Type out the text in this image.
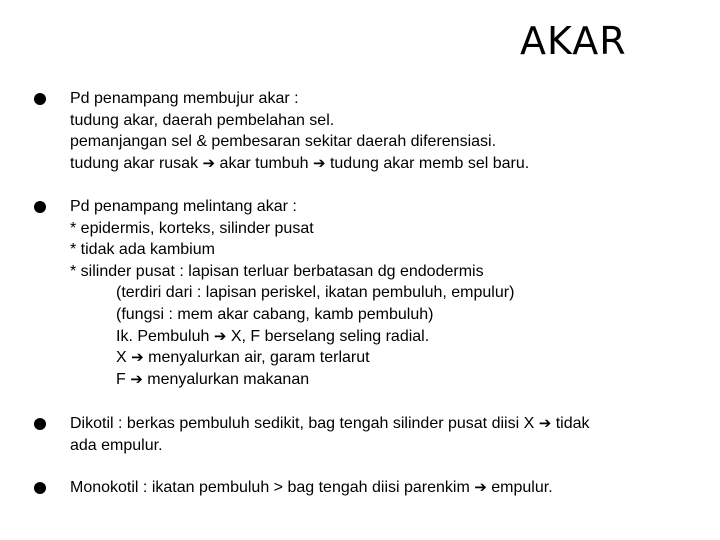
AKAR
Pd penampang membujur akar :
tudung akar, daerah pembelahan sel.
pemanjangan sel & pembesaran sekitar daerah diferensiasi.
tudung akar rusak ➔ akar tumbuh ➔ tudung akar memb sel baru.
Pd penampang melintang akar :
* epidermis, korteks, silinder pusat
* tidak ada kambium
* silinder pusat : lapisan terluar berbatasan dg endodermis
(terdiri dari : lapisan periskel, ikatan pembuluh, empulur)
(fungsi : mem akar cabang, kamb pembuluh)
Ik. Pembuluh ➔ X, F berselang seling radial.
X ➔ menyalurkan air, garam terlarut
F ➔ menyalurkan makanan
Dikotil : berkas pembuluh sedikit, bag tengah silinder pusat diisi X ➔ tidak
ada empulur.
Monokotil : ikatan pembuluh > bag tengah diisi parenkim ➔ empulur.
